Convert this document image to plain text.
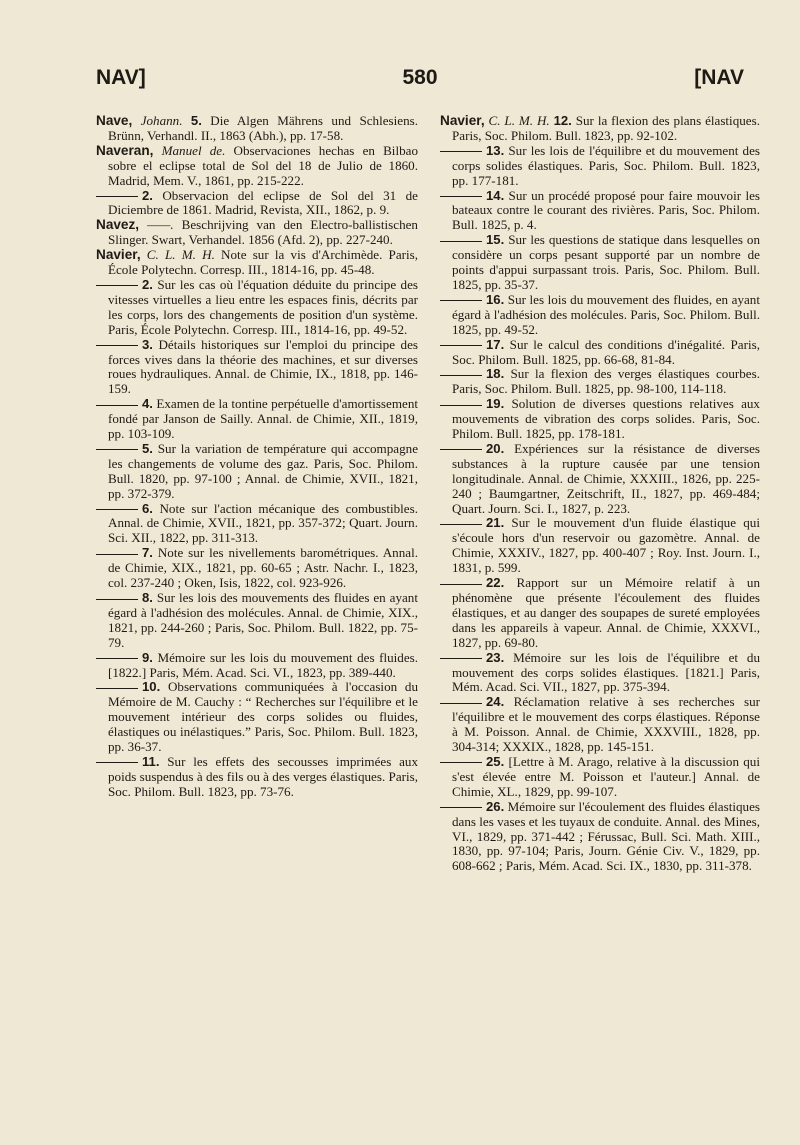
NAV]	580	[NAV

Nave, Johann. 5. Die Algen Mährens und Schlesiens. Brünn, Verhandl. II., 1863 (Abh.), pp. 17-58.

Naveran, Manuel de. Observaciones hechas en Bilbao sobre el eclipse total de Sol del 18 de Julio de 1860. Madrid, Mem. V., 1861, pp. 215-222.

2. Observacion del eclipse de Sol del 31 de Diciembre de 1861. Madrid, Revista, XII., 1862, p. 9.

Navez, ——. Beschrijving van den Electro-ballistischen Slinger. Swart, Verhandel. 1856 (Afd. 2), pp. 227-240.

Navier, C. L. M. H. Note sur la vis d'Archimède. Paris, École Polytechn. Corresp. III., 1814-16, pp. 45-48.

2. Sur les cas où l'équation déduite du principe des vitesses virtuelles a lieu entre les espaces finis, décrits par les corps, lors des changements de position d'un système. Paris, École Polytechn. Corresp. III., 1814-16, pp. 49-52.

3. Détails historiques sur l'emploi du principe des forces vives dans la théorie des machines, et sur diverses roues hydrauliques. Annal. de Chimie, IX., 1818, pp. 146-159.

4. Examen de la tontine perpétuelle d'amortissement fondé par Janson de Sailly. Annal. de Chimie, XII., 1819, pp. 103-109.

5. Sur la variation de température qui accompagne les changements de volume des gaz. Paris, Soc. Philom. Bull. 1820, pp. 97-100 ; Annal. de Chimie, XVII., 1821, pp. 372-379.

6. Note sur l'action mécanique des combustibles. Annal. de Chimie, XVII., 1821, pp. 357-372; Quart. Journ. Sci. XII., 1822, pp. 311-313.

7. Note sur les nivellements barométriques. Annal. de Chimie, XIX., 1821, pp. 60-65 ; Astr. Nachr. I., 1823, col. 237-240 ; Oken, Isis, 1822, col. 923-926.

8. Sur les lois des mouvements des fluides en ayant égard à l'adhésion des molécules. Annal. de Chimie, XIX., 1821, pp. 244-260 ; Paris, Soc. Philom. Bull. 1822, pp. 75-79.

9. Mémoire sur les lois du mouvement des fluides. [1822.] Paris, Mém. Acad. Sci. VI., 1823, pp. 389-440.

10. Observations communiquées à l'occasion du Mémoire de M. Cauchy : “ Recherches sur l'équilibre et le mouvement intérieur des corps solides ou fluides, élastiques ou inélastiques.” Paris, Soc. Philom. Bull. 1823, pp. 36-37.

11. Sur les effets des secousses imprimées aux poids suspendus à des fils ou à des verges élastiques. Paris, Soc. Philom. Bull. 1823, pp. 73-76.

Navier, C. L. M. H. 12. Sur la flexion des plans élastiques. Paris, Soc. Philom. Bull. 1823, pp. 92-102.

13. Sur les lois de l'équilibre et du mouvement des corps solides élastiques. Paris, Soc. Philom. Bull. 1823, pp. 177-181.

14. Sur un procédé proposé pour faire mouvoir les bateaux contre le courant des rivières. Paris, Soc. Philom. Bull. 1825, p. 4.

15. Sur les questions de statique dans lesquelles on considère un corps pesant supporté par un nombre de points d'appui surpassant trois. Paris, Soc. Philom. Bull. 1825, pp. 35-37.

16. Sur les lois du mouvement des fluides, en ayant égard à l'adhésion des molécules. Paris, Soc. Philom. Bull. 1825, pp. 49-52.

17. Sur le calcul des conditions d'inégalité. Paris, Soc. Philom. Bull. 1825, pp. 66-68, 81-84.

18. Sur la flexion des verges élastiques courbes. Paris, Soc. Philom. Bull. 1825, pp. 98-100, 114-118.

19. Solution de diverses questions relatives aux mouvements de vibration des corps solides. Paris, Soc. Philom. Bull. 1825, pp. 178-181.

20. Expériences sur la résistance de diverses substances à la rupture causée par une tension longitudinale. Annal. de Chimie, XXXIII., 1826, pp. 225-240 ; Baumgartner, Zeitschrift, II., 1827, pp. 469-484; Quart. Journ. Sci. I., 1827, p. 223.

21. Sur le mouvement d'un fluide élastique qui s'écoule hors d'un reservoir ou gazomètre. Annal. de Chimie, XXXIV., 1827, pp. 400-407 ; Roy. Inst. Journ. I., 1831, p. 599.

22. Rapport sur un Mémoire relatif à un phénomène que présente l'écoulement des fluides élastiques, et au danger des soupapes de sureté employées dans les appareils à vapeur. Annal. de Chimie, XXXVI., 1827, pp. 69-80.

23. Mémoire sur les lois de l'équilibre et du mouvement des corps solides élastiques. [1821.] Paris, Mém. Acad. Sci. VII., 1827, pp. 375-394.

24. Réclamation relative à ses recherches sur l'équilibre et le mouvement des corps élastiques. Réponse à M. Poisson. Annal. de Chimie, XXXVIII., 1828, pp. 304-314; XXXIX., 1828, pp. 145-151.

25. [Lettre à M. Arago, relative à la discussion qui s'est élevée entre M. Poisson et l'auteur.] Annal. de Chimie, XL., 1829, pp. 99-107.

26. Mémoire sur l'écoulement des fluides élastiques dans les vases et les tuyaux de conduite. Annal. des Mines, VI., 1829, pp. 371-442 ; Férussac, Bull. Sci. Math. XIII., 1830, pp. 97-104; Paris, Journ. Génie Civ. V., 1829, pp. 608-662 ; Paris, Mém. Acad. Sci. IX., 1830, pp. 311-378.
